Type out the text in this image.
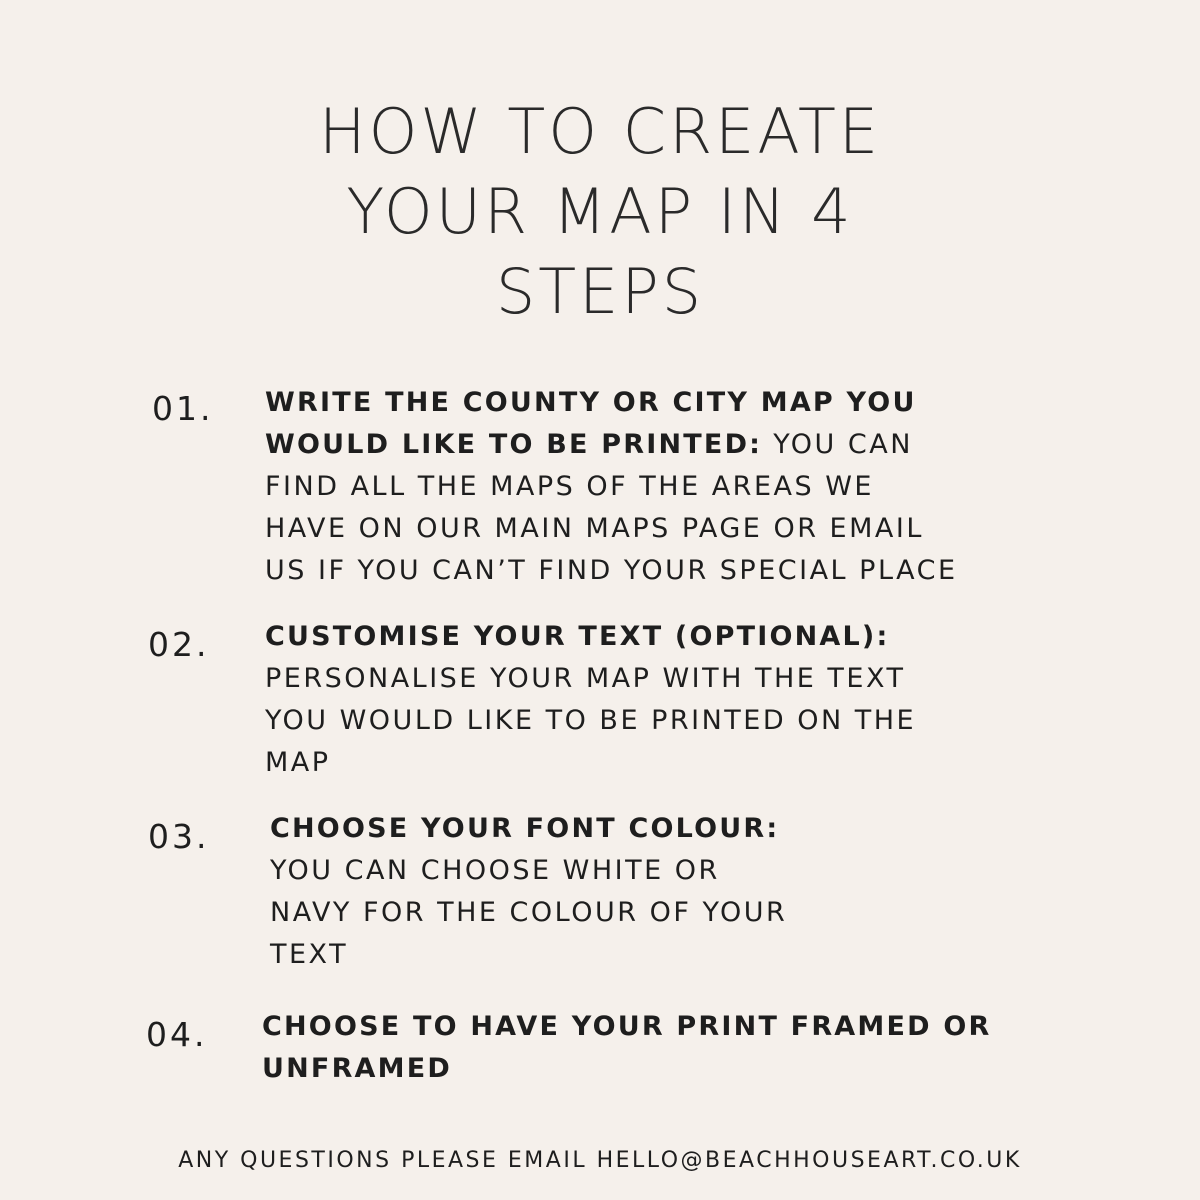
HOW TO CREATE
YOUR MAP IN 4
STEPS
01. WRITE THE COUNTY OR CITY MAP YOU
WOULD LIKE TO BE PRINTED: YOU CAN
FIND ALL THE MAPS OF THE AREAS WE
HAVE ON OUR MAIN MAPS PAGE OR EMAIL
US IF YOU CAN’T FIND YOUR SPECIAL PLACE
02. CUSTOMISE YOUR TEXT (OPTIONAL):
PERSONALISE YOUR MAP WITH THE TEXT
YOU WOULD LIKE TO BE PRINTED ON THE
MAP
03. CHOOSE YOUR FONT COLOUR:
YOU CAN CHOOSE WHITE OR
NAVY FOR THE COLOUR OF YOUR
TEXT
04. CHOOSE TO HAVE YOUR PRINT FRAMED OR
UNFRAMED
ANY QUESTIONS PLEASE EMAIL HELLO@BEACHHOUSEART.CO.UK
